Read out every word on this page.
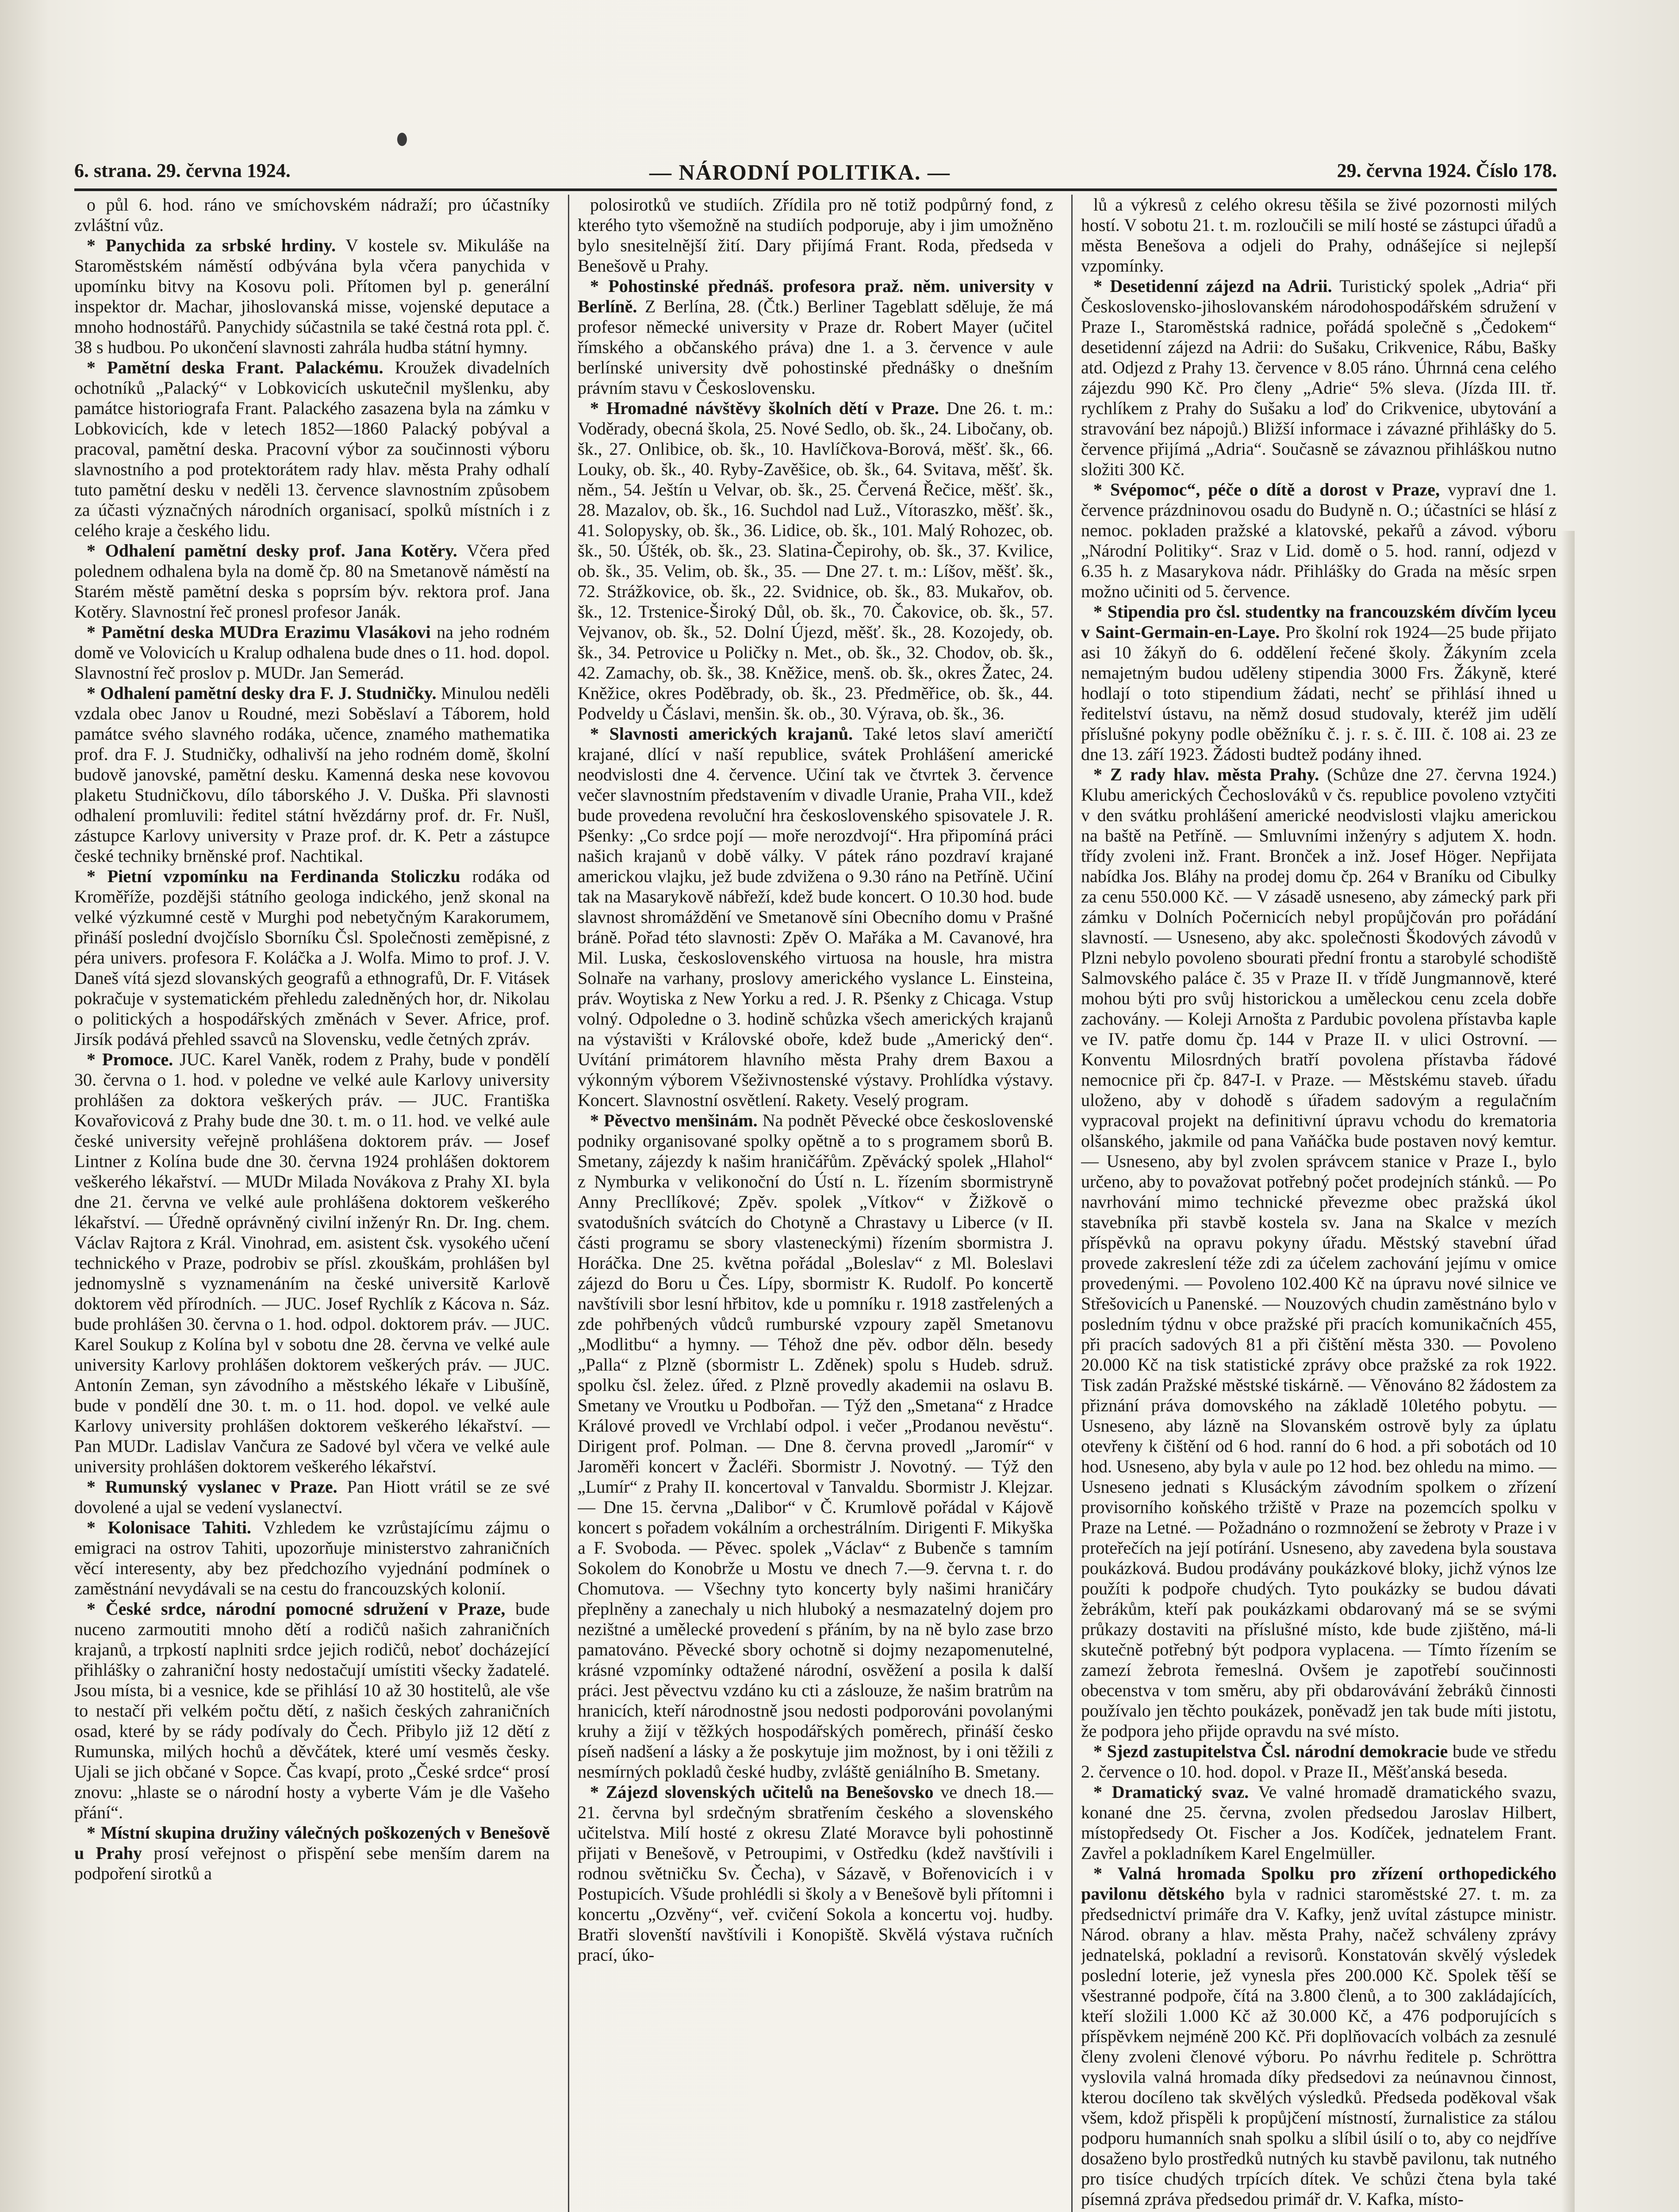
6. strana. 29. června 1924.	— NÁRODNÍ POLITIKA. —	29. června 1924. Číslo 178.

o půl 6. hod. ráno ve smíchovském nádraží; pro účastníky zvláštní vůz.

* Panychida za srbské hrdiny. V kostele sv. Mikuláše na Staroměstském náměstí odbývána byla včera panychida v upomínku bitvy na Kosovu poli. Přítomen byl p. generální inspektor dr. Machar, jihoslovanská misse, vojenské deputace a mnoho hodnostářů. Panychidy súčastnila se také čestná rota ppl. č. 38 s hudbou. Po ukončení slavnosti zahrála hudba státní hymny.

* Pamětní deska Frant. Palackému. Kroužek divadelních ochotníků „Palacký“ v Lobkovicích uskutečnil myšlenku, aby památce historiografa Frant. Palackého zasazena byla na zámku v Lobkovicích, kde v letech 1852—1860 Palacký pobýval a pracoval, pamětní deska. Pracovní výbor za součinnosti výboru slavnostního a pod protektorátem rady hlav. města Prahy odhalí tuto pamětní desku v neděli 13. července slavnostním způsobem za účasti význačných národních organisací, spolků místních i z celého kraje a českého lidu.

* Odhalení pamětní desky prof. Jana Kotěry. Včera před polednem odhalena byla na domě čp. 80 na Smetanově náměstí na Starém městě pamětní deska s poprsím býv. rektora prof. Jana Kotěry. Slavnostní řeč pronesl profesor Janák.

* Pamětní deska MUDra Erazimu Vlasákovi na jeho rodném domě ve Volovicích u Kralup odhalena bude dnes o 11. hod. dopol. Slavnostní řeč proslov p. MUDr. Jan Semerád.

* Odhalení pamětní desky dra F. J. Studničky. Minulou neděli vzdala obec Janov u Roudné, mezi Soběslaví a Táborem, hold památce svého slavného rodáka, učence, znamého mathematika prof. dra F. J. Studničky, odhalivší na jeho rodném domě, školní budově janovské, pamětní desku. Kamenná deska nese kovovou plaketu Studničkovu, dílo táborského J. V. Duška. Při slavnosti odhalení promluvili: ředitel státní hvězdárny prof. dr. Fr. Nušl, zástupce Karlovy university v Praze prof. dr. K. Petr a zástupce české techniky brněnské prof. Nachtikal.

* Pietní vzpomínku na Ferdinanda Stoliczku rodáka od Kroměříže, pozdějši státního geologa indického, jenž skonal na velké výzkumné cestě v Murghi pod nebetyčným Karakorumem, přináší poslední dvojčíslo Sborníku Čsl. Společnosti zeměpisné, z péra univers. profesora F. Koláčka a J. Wolfa. Mimo to prof. J. V. Daneš vítá sjezd slovanských geografů a ethnografů, Dr. F. Vitásek pokračuje v systematickém přehledu zaledněných hor, dr. Nikolau o politických a hospodářských změnách v Sever. Africe, prof. Jirsík podává přehled ssavců na Slovensku, vedle četných zpráv.

* Promoce. JUC. Karel Vaněk, rodem z Prahy, bude v pondělí 30. června o 1. hod. v poledne ve velké aule Karlovy university prohlášen za doktora veškerých práv. — JUC. Františka Kovařovicová z Prahy bude dne 30. t. m. o 11. hod. ve velké aule české university veřejně prohlášena doktorem práv. — Josef Lintner z Kolína bude dne 30. června 1924 prohlášen doktorem veškerého lékařství. — MUDr Milada Novákova z Prahy XI. byla dne 21. června ve velké aule prohlášena doktorem veškerého lékařství. — Úředně oprávněný civilní inženýr Rn. Dr. Ing. chem. Václav Rajtora z Král. Vinohrad, em. asistent čsk. vysokého učení technického v Praze, podrobiv se přísl. zkouškám, prohlášen byl jednomyslně s vyznamenáním na české universitě Karlově doktorem věd přírodních. — JUC. Josef Rychlík z Kácova n. Sáz. bude prohlášen 30. června o 1. hod. odpol. doktorem práv. — JUC. Karel Soukup z Kolína byl v sobotu dne 28. června ve velké aule university Karlovy prohlášen doktorem veškerých práv. — JUC. Antonín Zeman, syn závodního a městského lékaře v Libušíně, bude v pondělí dne 30. t. m. o 11. hod. dopol. ve velké aule Karlovy university prohlášen doktorem veškerého lékařství. — Pan MUDr. Ladislav Vančura ze Sadové byl včera ve velké aule university prohlášen doktorem veškerého lékařství.

* Rumunský vyslanec v Praze. Pan Hiott vrátil se ze své dovolené a ujal se vedení vyslanectví.

* Kolonisace Tahiti. Vzhledem ke vzrůstajícímu zájmu o emigraci na ostrov Tahiti, upozorňuje ministerstvo zahraničních věcí interesenty, aby bez předchozího vyjednání podmínek o zaměstnání nevydávali se na cestu do francouzských kolonií.

* České srdce, národní pomocné sdružení v Praze, bude nuceno zarmoutiti mnoho dětí a rodičů našich zahraničních krajanů, a trpkostí naplniti srdce jejich rodičů, neboť docházející přihlášky o zahraniční hosty nedostačují umístiti všecky žadatelé. Jsou místa, bi a vesnice, kde se přihlásí 10 až 30 hostitelů, ale vše to nestačí při velkém počtu dětí, z našich českých zahraničních osad, které by se rády podívaly do Čech. Přibylo již 12 dětí z Rumunska, milých hochů a děvčátek, které umí vesměs česky. Ujali se jich občané v Sopce. Čas kvapí, proto „České srdce“ prosí znovu: „hlaste se o národní hosty a vyberte Vám je dle Vašeho přání“.

* Místní skupina družiny válečných poškozených v Benešově u Prahy prosí veřejnost o přispění sebe menším darem na podpoření sirotků a

polosirotků ve studiích. Zřídila pro ně totiž podpůrný fond, z kterého tyto všemožně na studiích podporuje, aby i jim umožněno bylo snesitelnější žití. Dary přijímá Frant. Roda, předseda v Benešově u Prahy.

* Pohostinské přednáš. profesora praž. něm. university v Berlíně. Z Berlína, 28. (Čtk.) Berliner Tageblatt sděluje, že má profesor německé university v Praze dr. Robert Mayer (učitel římského a občanského práva) dne 1. a 3. července v aule berlínské university dvě pohostinské přednášky o dnešním právním stavu v Československu.

* Hromadné návštěvy školních dětí v Praze. Dne 26. t. m.: Voděrady, obecná škola, 25. Nové Sedlo, ob. šk., 24. Libočany, ob. šk., 27. Onlibice, ob. šk., 10. Havlíčkova-Borová, měšť. šk., 66. Louky, ob. šk., 40. Ryby-Zavěšice, ob. šk., 64. Svitava, měšť. šk. něm., 54. Ještín u Velvar, ob. šk., 25. Červená Řečice, měšť. šk., 28. Mazalov, ob. šk., 16. Suchdol nad Luž., Vítoraszko, měšť. šk., 41. Solopysky, ob. šk., 36. Lidice, ob. šk., 101. Malý Rohozec, ob. šk., 50. Úšték, ob. šk., 23. Slatina-Čepirohy, ob. šk., 37. Kvilice, ob. šk., 35. Velim, ob. šk., 35. — Dne 27. t. m.: Líšov, měšť. šk., 72. Strážkovice, ob. šk., 22. Svidnice, ob. šk., 83. Mukařov, ob. šk., 12. Trstenice-Široký Důl, ob. šk., 70. Čakovice, ob. šk., 57. Vejvanov, ob. šk., 52. Dolní Újezd, měšť. šk., 28. Kozojedy, ob. šk., 34. Petrovice u Poličky n. Met., ob. šk., 32. Chodov, ob. šk., 42. Zamachy, ob. šk., 38. Kněžice, menš. ob. šk., okres Žatec, 24. Kněžice, okres Poděbrady, ob. šk., 23. Předměřice, ob. šk., 44. Podveldy u Čáslavi, menšin. šk. ob., 30. Výrava, ob. šk., 36.

* Slavnosti amerických krajanů. Také letos slaví američtí krajané, dlící v naší republice, svátek Prohlášení americké neodvislosti dne 4. července. Učiní tak ve čtvrtek 3. července večer slavnostním představením v divadle Uranie, Praha VII., kdež bude provedena revoluční hra československého spisovatele J. R. Pšenky: „Co srdce pojí — moře nerozdvojí“. Hra připomíná práci našich krajanů v době války. V pátek ráno pozdraví krajané americkou vlajku, jež bude zdvižena o 9.30 ráno na Petříně. Učiní tak na Masarykově nábřeží, kdež bude koncert. O 10.30 hod. bude slavnost shromáždění ve Smetanově síni Obecního domu v Prašné bráně. Pořad této slavnosti: Zpěv O. Mařáka a M. Cavanové, hra Mil. Luska, československého virtuosa na housle, hra mistra Solnaře na varhany, proslovy amerického vyslance L. Einsteina, práv. Woytiska z New Yorku a red. J. R. Pšenky z Chicaga. Vstup volný. Odpoledne o 3. hodině schůzka všech amerických krajanů na výstavišti v Královské oboře, kdež bude „Americký den“. Uvítání primátorem hlavního města Prahy drem Baxou a výkonným výborem Všeživnostenské výstavy. Prohlídka výstavy. Koncert. Slavnostní osvětlení. Rakety. Veselý program.

* Pěvectvo menšinám. Na podnět Pěvecké obce československé podniky organisované spolky opětně a to s programem sborů B. Smetany, zájezdy k našim hraničářům. Zpěvácký spolek „Hlahol“ z Nymburka v velikonoční do Ústí n. L. řízením sbormistryně Anny Precllíkové; Zpěv. spolek „Vítkov“ v Žižkově o svatodušních svátcích do Chotyně a Chrastavy u Liberce (v II. části programu se sbory vlasteneckými) řízením sbormistra J. Horáčka. Dne 25. května pořádal „Boleslav“ z Ml. Boleslavi zájezd do Boru u Čes. Lípy, sbormistr K. Rudolf. Po koncertě navštívili sbor lesní hřbitov, kde u pomníku r. 1918 zastřelených a zde pohřbených vůdců rumburské vzpoury zapěl Smetanovu „Modlitbu“ a hymny. — Téhož dne pěv. odbor děln. besedy „Palla“ z Plzně (sbormistr L. Zděnek) spolu s Hudeb. sdruž. spolku čsl. želez. úřed. z Plzně provedly akademii na oslavu B. Smetany ve Vroutku u Podbořan. — Týž den „Smetana“ z Hradce Králové provedl ve Vrchlabí odpol. i večer „Prodanou nevěstu“. Dirigent prof. Polman. — Dne 8. června provedl „Jaromír“ v Jaroměři koncert v Žacléři. Sbormistr J. Novotný. — Týž den „Lumír“ z Prahy II. koncertoval v Tanvaldu. Sbormistr J. Klejzar. — Dne 15. června „Dalibor“ v Č. Krumlově pořádal v Kájově koncert s pořadem vokálním a orchestrálním. Dirigenti F. Mikyška a F. Svoboda. — Pěvec. spolek „Václav“ z Bubenče s tamním Sokolem do Konobrže u Mostu ve dnech 7.—9. června t. r. do Chomutova. — Všechny tyto koncerty byly našimi hraničáry přeplněny a zanechaly u nich hluboký a nesmazatelný dojem pro nezištné a umělecké provedení s přáním, by na ně bylo zase brzo pamatováno. Pěvecké sbory ochotně si dojmy nezapomenutelné, krásné vzpomínky odtažené národní, osvěžení a posila k další práci. Jest pěvectvu vzdáno ku cti a záslouze, že našim bratrům na hranicích, kteří národnostně jsou nedosti podporováni povolanými kruhy a žijí v těžkých hospodářských poměrech, přináší česko píseň nadšení a lásky a že poskytuje jim možnost, by i oni těžili z nesmírných pokladů české hudby, zvláště geniálního B. Smetany.

* Zájezd slovenských učitelů na Benešovsko ve dnech 18.—21. června byl srdečným sbratřením českého a slovenského učitelstva. Milí hosté z okresu Zlaté Moravce byli pohostinně přijati v Benešově, v Petroupimi, v Ostředku (kdež navštívili i rodnou světničku Sv. Čecha), v Sázavě, v Bořenovicích i v Postupicích. Všude prohlédli si školy a v Benešově byli přítomni i koncertu „Ozvěny“, veř. cvičení Sokola a koncertu voj. hudby. Bratři slovenští navštívili i Konopiště. Skvělá výstava ručních prací, úko-

lů a výkresů z celého okresu těšila se živé pozornosti milých hostí. V sobotu 21. t. m. rozloučili se milí hosté se zástupci úřadů a města Benešova a odjeli do Prahy, odnášejíce si nejlepší vzpomínky.

* Desetidenní zájezd na Adrii. Turistický spolek „Adria“ při Československo-jihoslovanském národohospodářském sdružení v Praze I., Staroměstská radnice, pořádá společně s „Čedokem“ desetidenní zájezd na Adrii: do Sušaku, Crikvenice, Rábu, Bašky atd. Odjezd z Prahy 13. července v 8.05 ráno. Úhrnná cena celého zájezdu 990 Kč. Pro členy „Adrie“ 5% sleva. (Jízda III. tř. rychlíkem z Prahy do Sušaku a loď do Crikvenice, ubytování a stravování bez nápojů.) Bližší informace i závazné přihlášky do 5. července přijímá „Adria“. Současně se závaznou přihláškou nutno složiti 300 Kč.

* Svépomoc“, péče o dítě a dorost v Praze, vypraví dne 1. července prázdninovou osadu do Budyně n. O.; účastníci se hlásí z nemoc. pokladen pražské a klatovské, pekařů a závod. výboru „Národní Politiky“. Sraz v Lid. domě o 5. hod. ranní, odjezd v 6.35 h. z Masarykova nádr. Přihlášky do Grada na měsíc srpen možno učiniti od 5. července.

* Stipendia pro čsl. studentky na francouzském dívčím lyceu v Saint-Germain-en-Laye. Pro školní rok 1924—25 bude přijato asi 10 žákyň do 6. oddělení řečené školy. Žákyním zcela nemajetným budou uděleny stipendia 3000 Frs. Žákyně, které hodlají o toto stipendium žádati, nechť se přihlásí ihned u ředitelství ústavu, na němž dosud studovaly, kteréž jim udělí příslušné pokyny podle oběžníku č. j. r. s. č. III. č. 108 ai. 23 ze dne 13. září 1923. Žádosti budtež podány ihned.

* Z rady hlav. města Prahy. (Schůze dne 27. června 1924.) Klubu amerických Čechoslováků v čs. republice povoleno vztyčiti v den svátku prohlášení americké neodvislosti vlajku americkou na baště na Petříně. — Smluvními inženýry s adjutem X. hodn. třídy zvoleni inž. Frant. Bronček a inž. Josef Höger. Nepřijata nabídka Jos. Bláhy na prodej domu čp. 264 v Braníku od Cibulky za cenu 550.000 Kč. — V zásadě usneseno, aby zámecký park při zámku v Dolních Počernicích nebyl propůjčován pro pořádání slavností. — Usneseno, aby akc. společnosti Škodových závodů v Plzni nebylo povoleno sbourati přední frontu a starobylé schodiště Salmovského paláce č. 35 v Praze II. v třídě Jungmannově, které mohou býti pro svůj historickou a uměleckou cenu zcela dobře zachovány. — Koleji Arnošta z Pardubic povolena přístavba kaple ve IV. patře domu čp. 144 v Praze II. v ulici Ostrovní. — Konventu Milosrdných bratří povolena přístavba řádové nemocnice při čp. 847-I. v Praze. — Městskému staveb. úřadu uloženo, aby v dohodě s úřadem sadovým a regulačním vypracoval projekt na definitivní úpravu vchodu do krematoria olšanského, jakmile od pana Vaňáčka bude postaven nový kemtur. — Usneseno, aby byl zvolen správcem stanice v Praze I., bylo určeno, aby to považovat potřebný počet prodejních stánků. — Po navrhování mimo technické převezme obec pražská úkol stavebníka při stavbě kostela sv. Jana na Skalce v mezích příspěvků na opravu pokyny úřadu. Městský stavební úřad provede zakreslení téže zdi za účelem zachování jejímu v omice provedenými. — Povoleno 102.400 Kč na úpravu nové silnice ve Střešovicích u Panenské. — Nouzových chudin zaměstnáno bylo v posledním týdnu v obce pražské při pracích komunikačních 455, při pracích sadových 81 a při čištění města 330. — Povoleno 20.000 Kč na tisk statistické zprávy obce pražské za rok 1922. Tisk zadán Pražské městské tiskárně. — Věnováno 82 žádostem za přiznání práva domovského na základě 10letého pobytu. — Usneseno, aby lázně na Slovanském ostrově byly za úplatu otevřeny k čištění od 6 hod. ranní do 6 hod. a při sobotách od 10 hod. Usneseno, aby byla v aule po 12 hod. bez ohledu na mimo. — Usneseno jednati s Klusáckým závodním spolkem o zřízení provisorního koňského tržiště v Praze na pozemcích spolku v Praze na Letné. — Požadnáno o rozmnožení se žebroty v Praze i v proteřečích na její potírání. Usneseno, aby zavedena byla soustava poukázková. Budou prodávány poukázkové bloky, jichž výnos lze použíti k podpoře chudých. Tyto poukázky se budou dávati žebrákům, kteří pak poukázkami obdarovaný má se se svými průkazy dostaviti na příslušné místo, kde bude zjištěno, má-li skutečně potřebný být podpora vyplacena. — Tímto řízením se zamezí žebrota řemeslná. Ovšem je zapotřebí součinnosti obecenstva v tom směru, aby při obdarovávání žebráků činnosti používalo jen těchto poukázek, poněvadž jen tak bude míti jistotu, že podpora jeho přijde opravdu na své místo.

* Sjezd zastupitelstva Čsl. národní demokracie bude ve středu 2. července o 10. hod. dopol. v Praze II., Měšťanská beseda.

* Dramatický svaz. Ve valné hromadě dramatického svazu, konané dne 25. června, zvolen předsedou Jaroslav Hilbert, místopředsedy Ot. Fischer a Jos. Kodíček, jednatelem Frant. Zavřel a pokladníkem Karel Engelmüller.

* Valná hromada Spolku pro zřízení orthopedického pavilonu dětského byla v radnici staroměstské 27. t. m. za předsednictví primáře dra V. Kafky, jenž uvítal zástupce ministr. Národ. obrany a hlav. města Prahy, načež schváleny zprávy jednatelská, pokladní a revisorů. Konstatován skvělý výsledek poslední loterie, jež vynesla přes 200.000 Kč. Spolek těší se všestranné podpoře, čítá na 3.800 členů, a to 300 zakládajících, kteří složili 1.000 Kč až 30.000 Kč, a 476 podporujících s příspěvkem nejméně 200 Kč. Při doplňovacích volbách za zesnulé členy zvoleni členové výboru. Po návrhu ředitele p. Schröttra vyslovila valná hromada díky předsedovi za neúnavnou činnost, kterou docíleno tak skvělých výsledků. Předseda poděkoval však všem, kdož přispěli k propůjčení místností, žurnalistice za stálou podporu humanních snah spolku a slíbil úsilí o to, aby co nejdříve dosaženo bylo prostředků nutných ku stavbě pavilonu, tak nutného pro tisíce chudých trpících dítek. Ve schůzi čtena byla také písemná zpráva předsedou primář dr. V. Kafka, místo-
